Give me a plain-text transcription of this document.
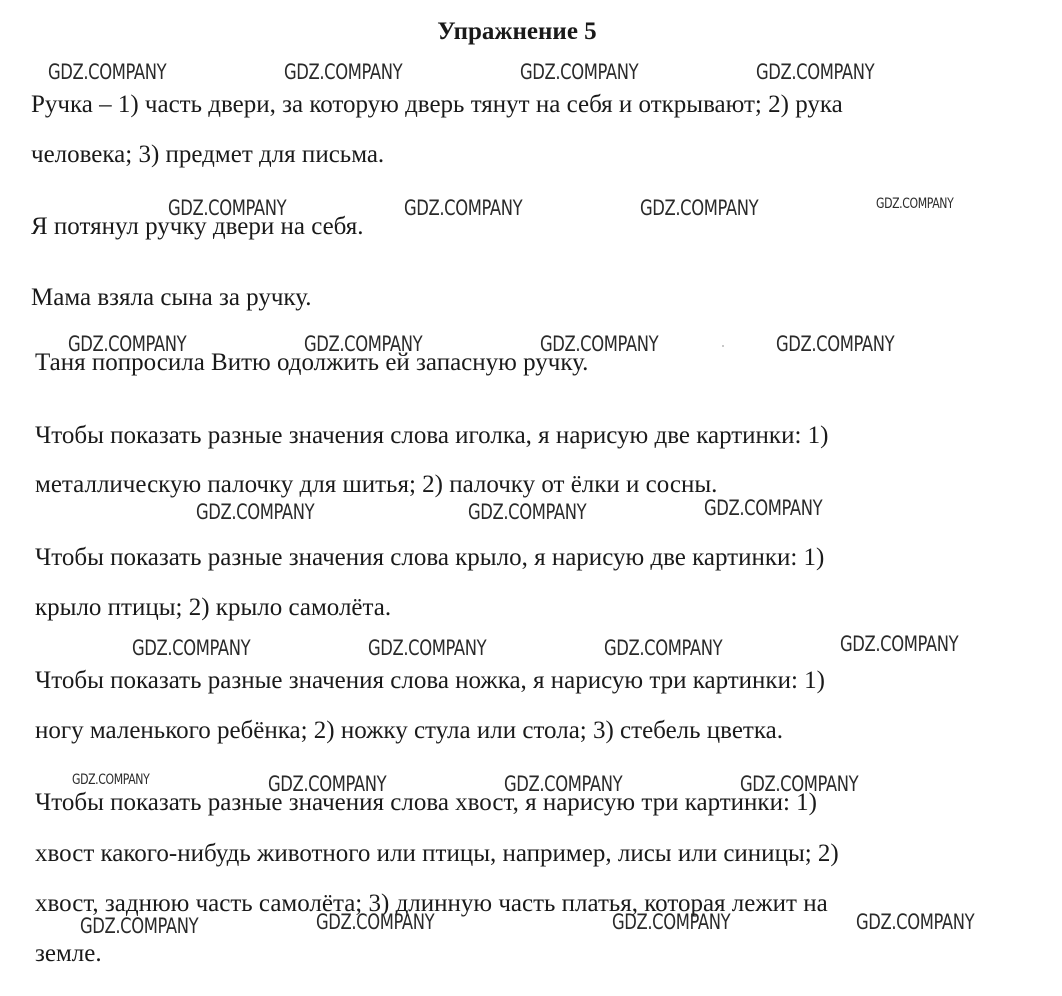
Упражнение 5
Ручка – 1) часть двери, за которую дверь тянут на себя и открывают; 2) рука
человека; 3) предмет для письма.
Я потянул ручку двери на себя.
Мама взяла сына за ручку.
Таня попросила Витю одолжить ей запасную ручку.
Чтобы показать разные значения слова иголка, я нарисую две картинки: 1)
металлическую палочку для шитья; 2) палочку от ёлки и сосны.
Чтобы показать разные значения слова крыло, я нарисую две картинки: 1)
крыло птицы; 2) крыло самолёта.
Чтобы показать разные значения слова ножка, я нарисую три картинки: 1)
ногу маленького ребёнка; 2) ножку стула или стола; 3) стебель цветка.
Чтобы показать разные значения слова хвост, я нарисую три картинки: 1)
хвост какого-нибудь животного или птицы, например, лисы или синицы; 2)
хвост, заднюю часть самолёта; 3) длинную часть платья, которая лежит на
земле.
GDZ.COMPANY	GDZ.COMPANY	GDZ.COMPANY	GDZ.COMPANY
GDZ.COMPANY	GDZ.COMPANY	GDZ.COMPANY	GDZ.COMPANY
GDZ.COMPANY	GDZ.COMPANY	GDZ.COMPANY	GDZ.COMPANY
GDZ.COMPANY	GDZ.COMPANY	GDZ.COMPANY
GDZ.COMPANY	GDZ.COMPANY	GDZ.COMPANY	GDZ.COMPANY
GDZ.COMPANY	GDZ.COMPANY	GDZ.COMPANY	GDZ.COMPANY
GDZ.COMPANY	GDZ.COMPANY	GDZ.COMPANY	GDZ.COMPANY
